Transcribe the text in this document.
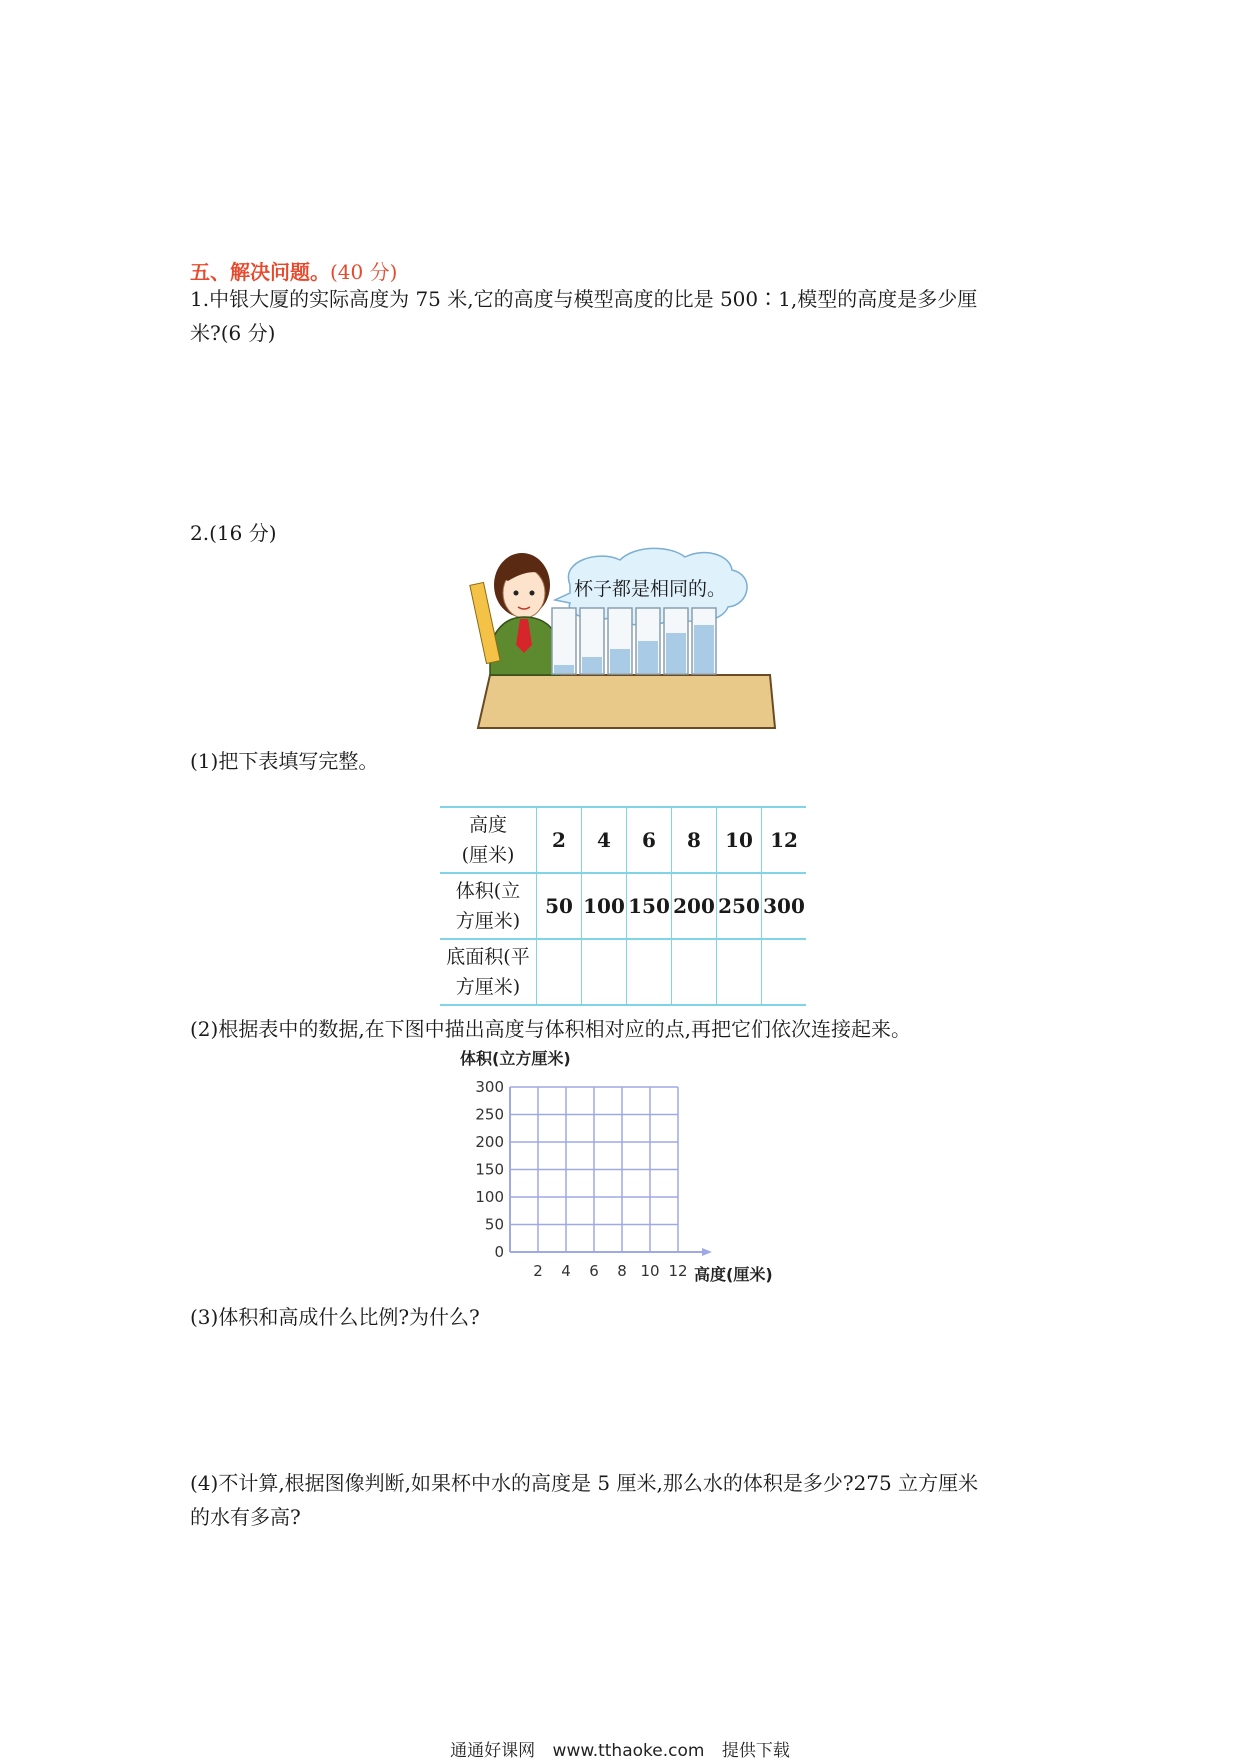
五、解决问题。(40 分)
1.中银大厦的实际高度为 75 米,它的高度与模型高度的比是 500∶1,模型的高度是多少厘
米?(6 分)
2.(16 分)
杯子都是相同的。
(1)把下表填写完整。
高度
(厘米)	2	4	6	8	10	12

体积(立
方厘米)	50	100	150	200	250	300

底面积(平
方厘米)						

(2)根据表中的数据,在下图中描出高度与体积相对应的点,再把它们依次连接起来。
0
50
100
150
200
250
300
2 4 6 8 10 12
体积(立方厘米)
高度(厘米)
(3)体积和高成什么比例?为什么?
(4)不计算,根据图像判断,如果杯中水的高度是 5 厘米,那么水的体积是多少?275 立方厘米
的水有多高?
通通好课网 www.tthaoke.com 提供下载
